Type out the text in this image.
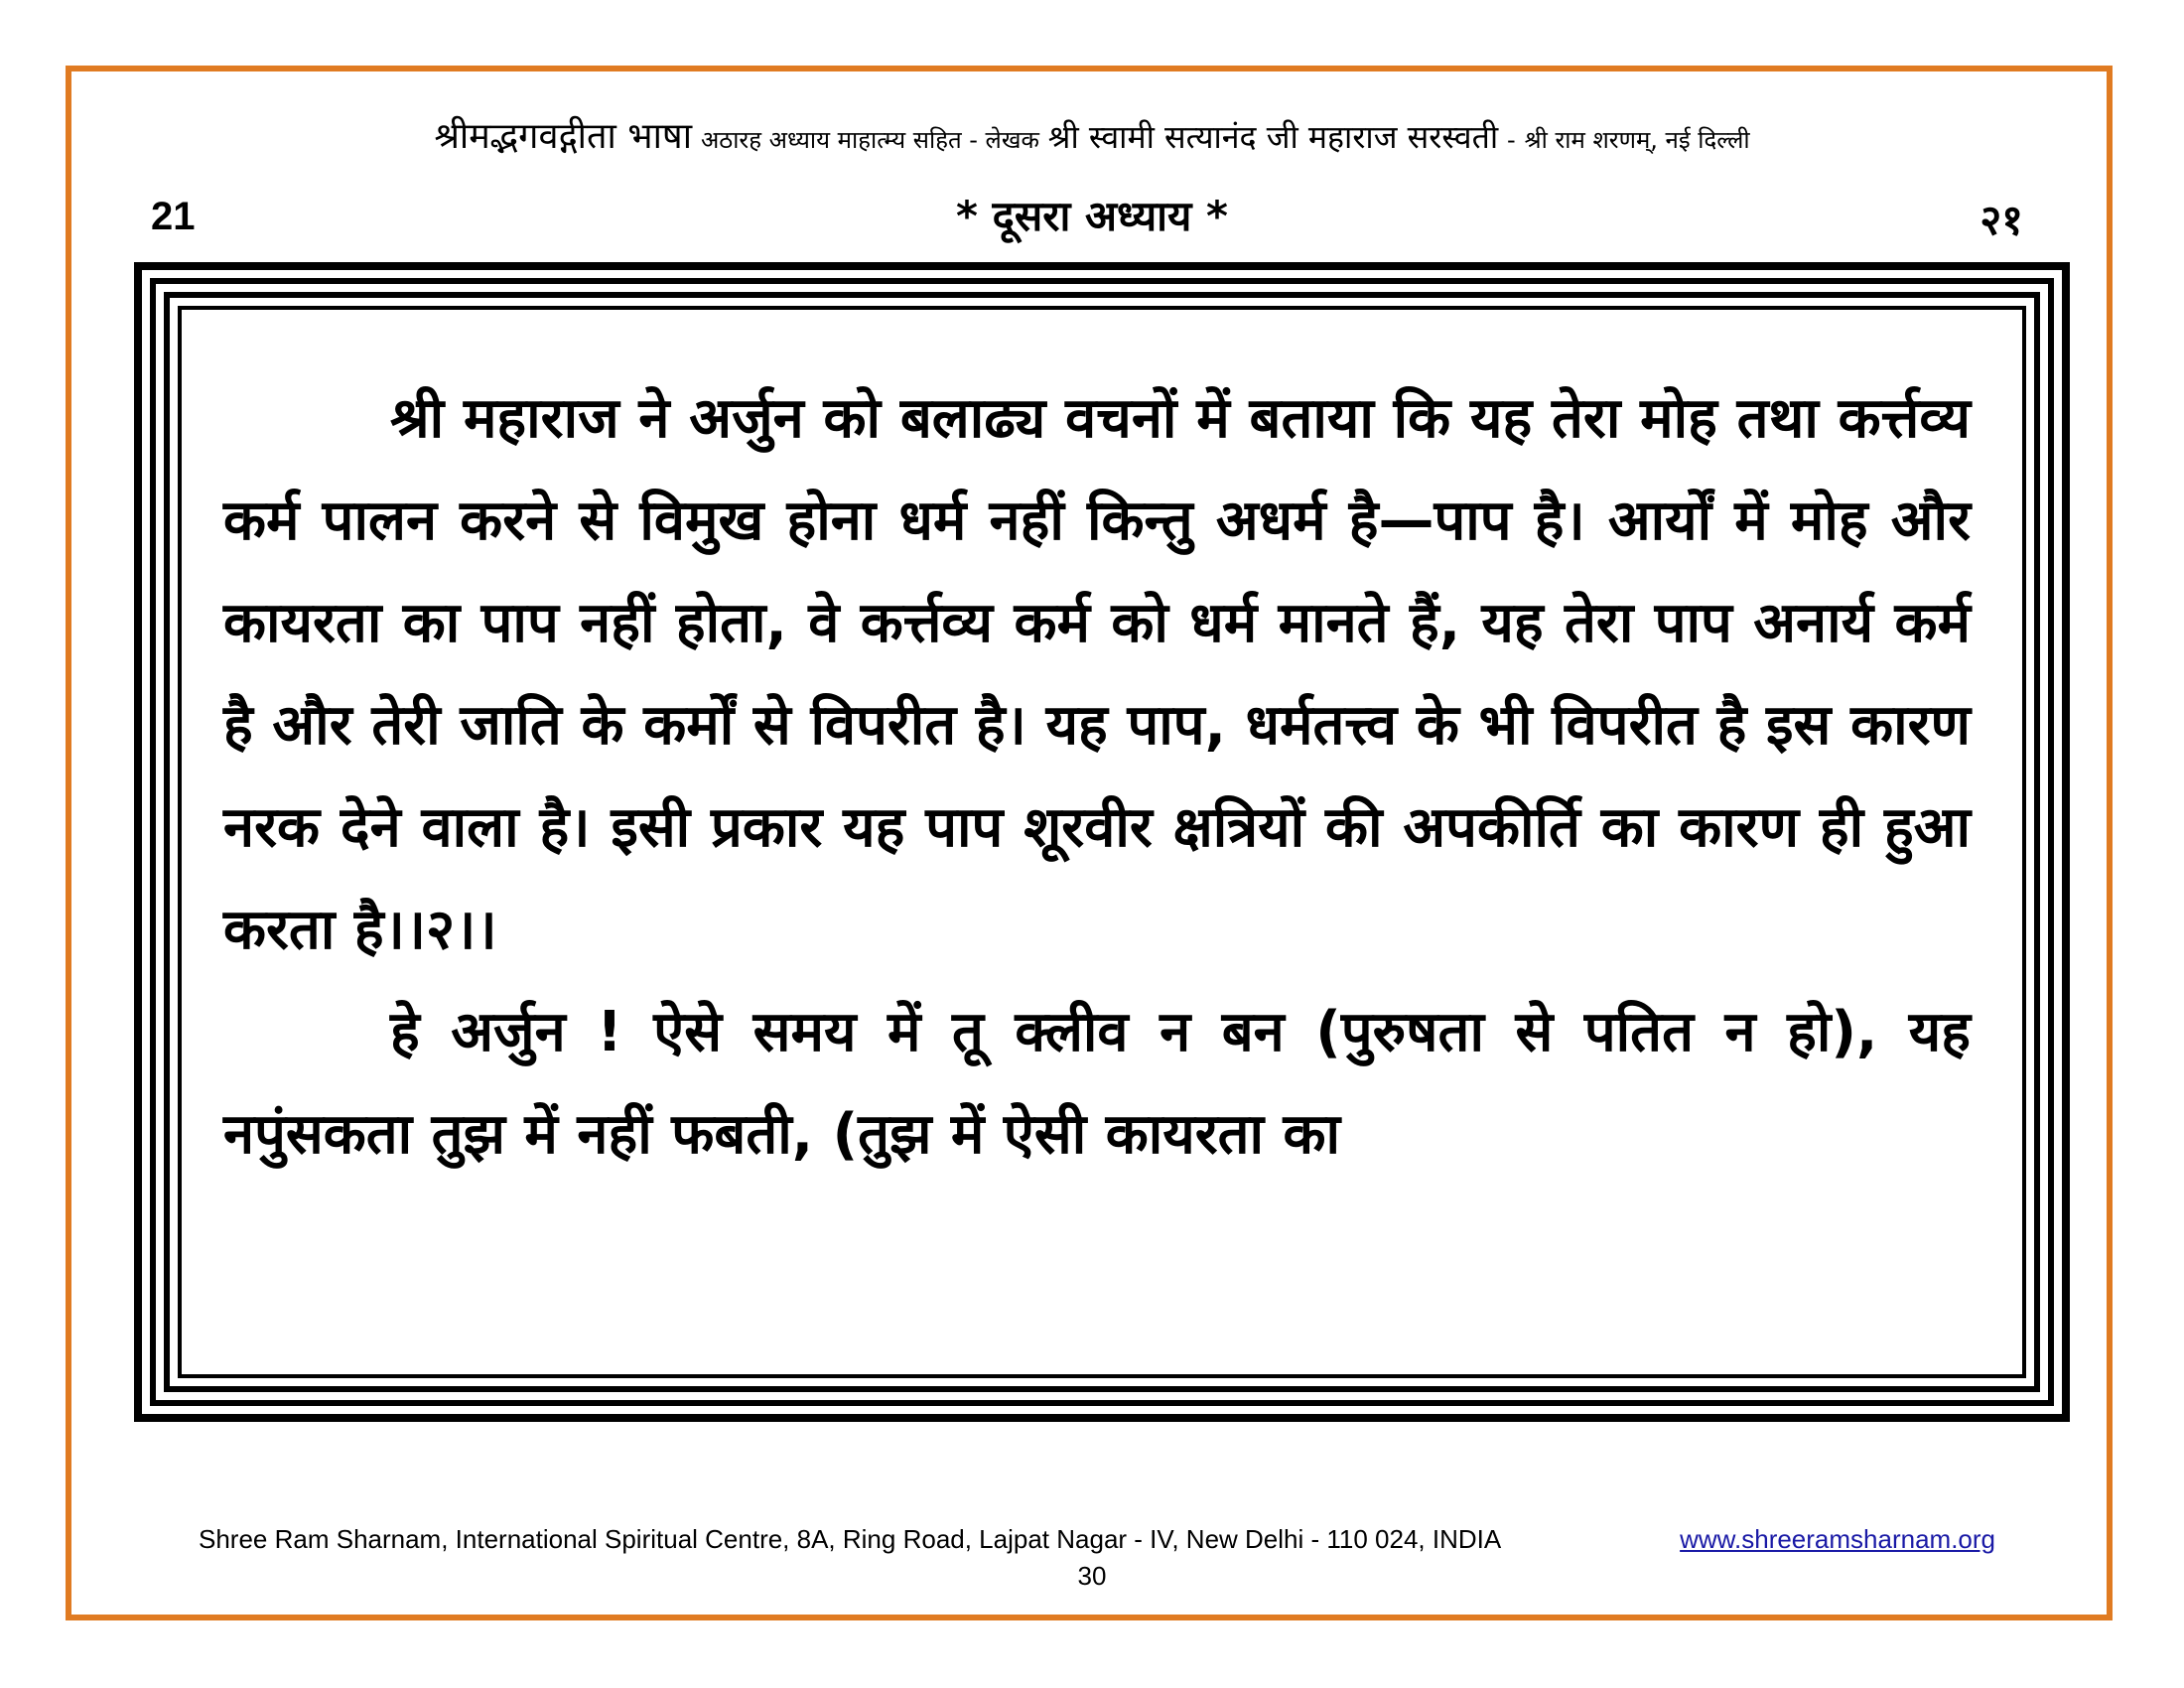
श्रीमद्भगवद्गीता भाषा अठारह अध्याय माहात्म्य सहित - लेखक श्री स्वामी सत्यानंद जी महाराज सरस्वती - श्री राम शरणम्, नई दिल्ली
21	* दूसरा अध्याय *	२१

श्री महाराज ने अर्जुन को बलाढ्य वचनों में बताया कि यह तेरा मोह तथा कर्त्तव्य कर्म पालन करने से विमुख होना धर्म नहीं किन्तु अधर्म है—पाप है। आर्यों में मोह और कायरता का पाप नहीं होता, वे कर्त्तव्य कर्म को धर्म मानते हैं, यह तेरा पाप अनार्य कर्म है और तेरी जाति के कर्मों से विपरीत है। यह पाप, धर्मतत्त्व के भी विपरीत है इस कारण नरक देने वाला है। इसी प्रकार यह पाप शूरवीर क्षत्रियों की अपकीर्ति का कारण ही हुआ करता है।।२।।

हे अर्जुन ! ऐसे समय में तू क्लीव न बन (पुरुषता से पतित न हो), यह नपुंसकता तुझ में नहीं फबती, (तुझ में ऐसी कायरता का

Shree Ram Sharnam, International Spiritual Centre, 8A, Ring Road, Lajpat Nagar - IV, New Delhi - 110 024, INDIA	www.shreeramsharnam.org
30
